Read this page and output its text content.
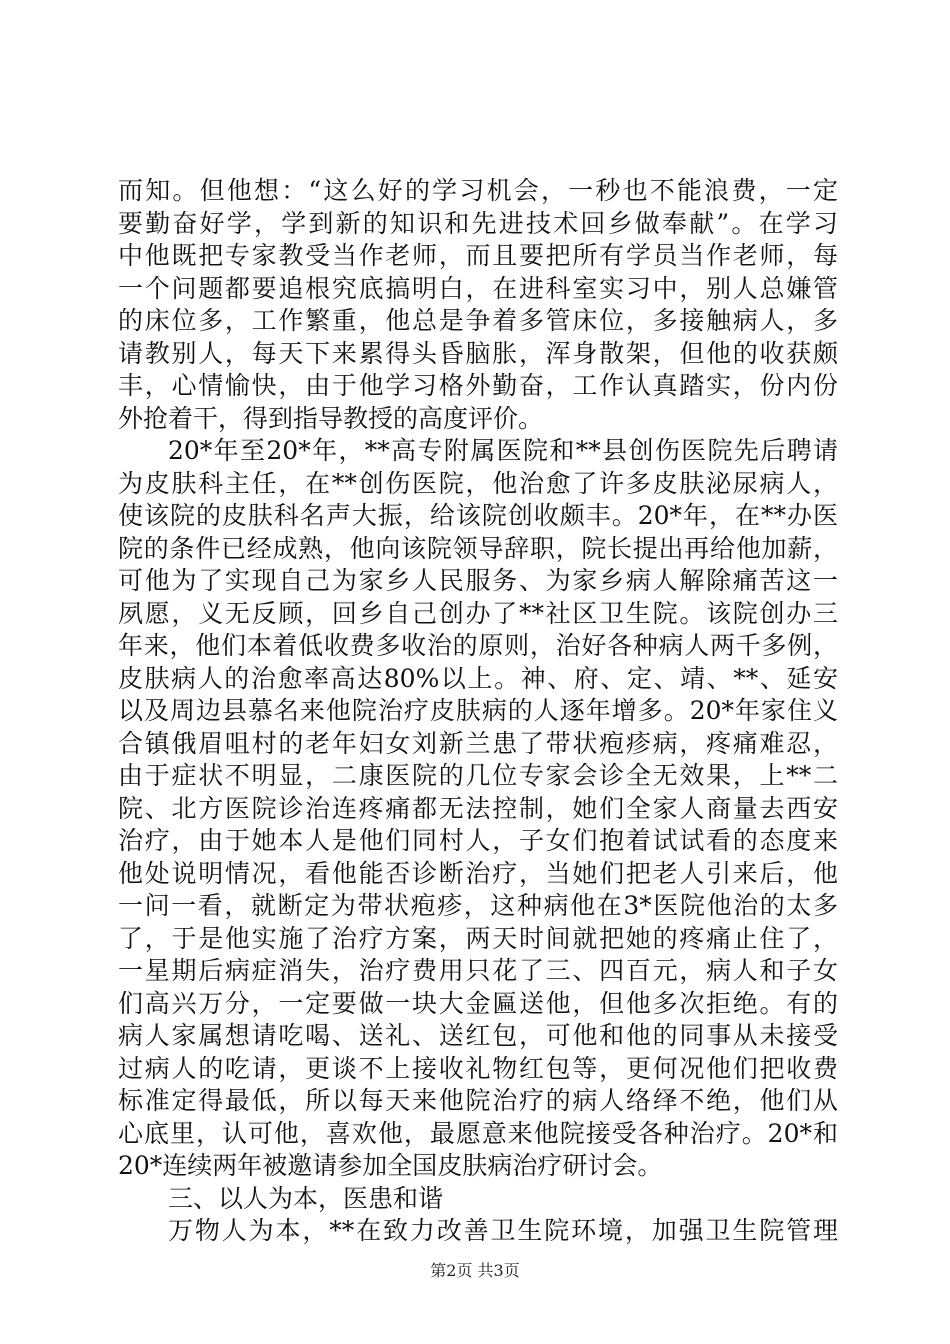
而知。但他想：“这么好的学习机会，一秒也不能浪费，一定
要勤奋好学，学到新的知识和先进技术回乡做奉献”。在学习
中他既把专家教受当作老师，而且要把所有学员当作老师，每
一个问题都要追根究底搞明白，在进科室实习中，别人总嫌管
的床位多，工作繁重，他总是争着多管床位，多接触病人，多
请教别人，每天下来累得头昏脑胀，浑身散架，但他的收获颇
丰，心情愉快，由于他学习格外勤奋，工作认真踏实，份内份
外抢着干，得到指导教授的高度评价。
20*年至20*年，**高专附属医院和**县创伤医院先后聘请
为皮肤科主任，在**创伤医院，他治愈了许多皮肤泌尿病人，
使该院的皮肤科名声大振，给该院创收颇丰。20*年，在**办医
院的条件已经成熟，他向该院领导辞职，院长提出再给他加薪，
可他为了实现自己为家乡人民服务、为家乡病人解除痛苦这一
夙愿，义无反顾，回乡自己创办了**社区卫生院。该院创办三
年来，他们本着低收费多收治的原则，治好各种病人两千多例，
皮肤病人的治愈率高达80%以上。神、府、定、靖、**、延安
以及周边县慕名来他院治疗皮肤病的人逐年增多。20*年家住义
合镇俄眉咀村的老年妇女刘新兰患了带状疱疹病，疼痛难忍，
由于症状不明显，二康医院的几位专家会诊全无效果，上**二
院、北方医院诊治连疼痛都无法控制，她们全家人商量去西安
治疗，由于她本人是他们同村人，子女们抱着试试看的态度来
他处说明情况，看他能否诊断治疗，当她们把老人引来后，他
一问一看，就断定为带状疱疹，这种病他在3*医院他治的太多
了，于是他实施了治疗方案，两天时间就把她的疼痛止住了，
一星期后病症消失，治疗费用只花了三、四百元，病人和子女
们高兴万分，一定要做一块大金匾送他，但他多次拒绝。有的
病人家属想请吃喝、送礼、送红包，可他和他的同事从未接受
过病人的吃请，更谈不上接收礼物红包等，更何况他们把收费
标准定得最低，所以每天来他院治疗的病人络绎不绝，他们从
心底里，认可他，喜欢他，最愿意来他院接受各种治疗。20*和
20*连续两年被邀请参加全国皮肤病治疗研讨会。
三、以人为本，医患和谐
万物人为本，**在致力改善卫生院环境，加强卫生院管理
第2页 共3页
